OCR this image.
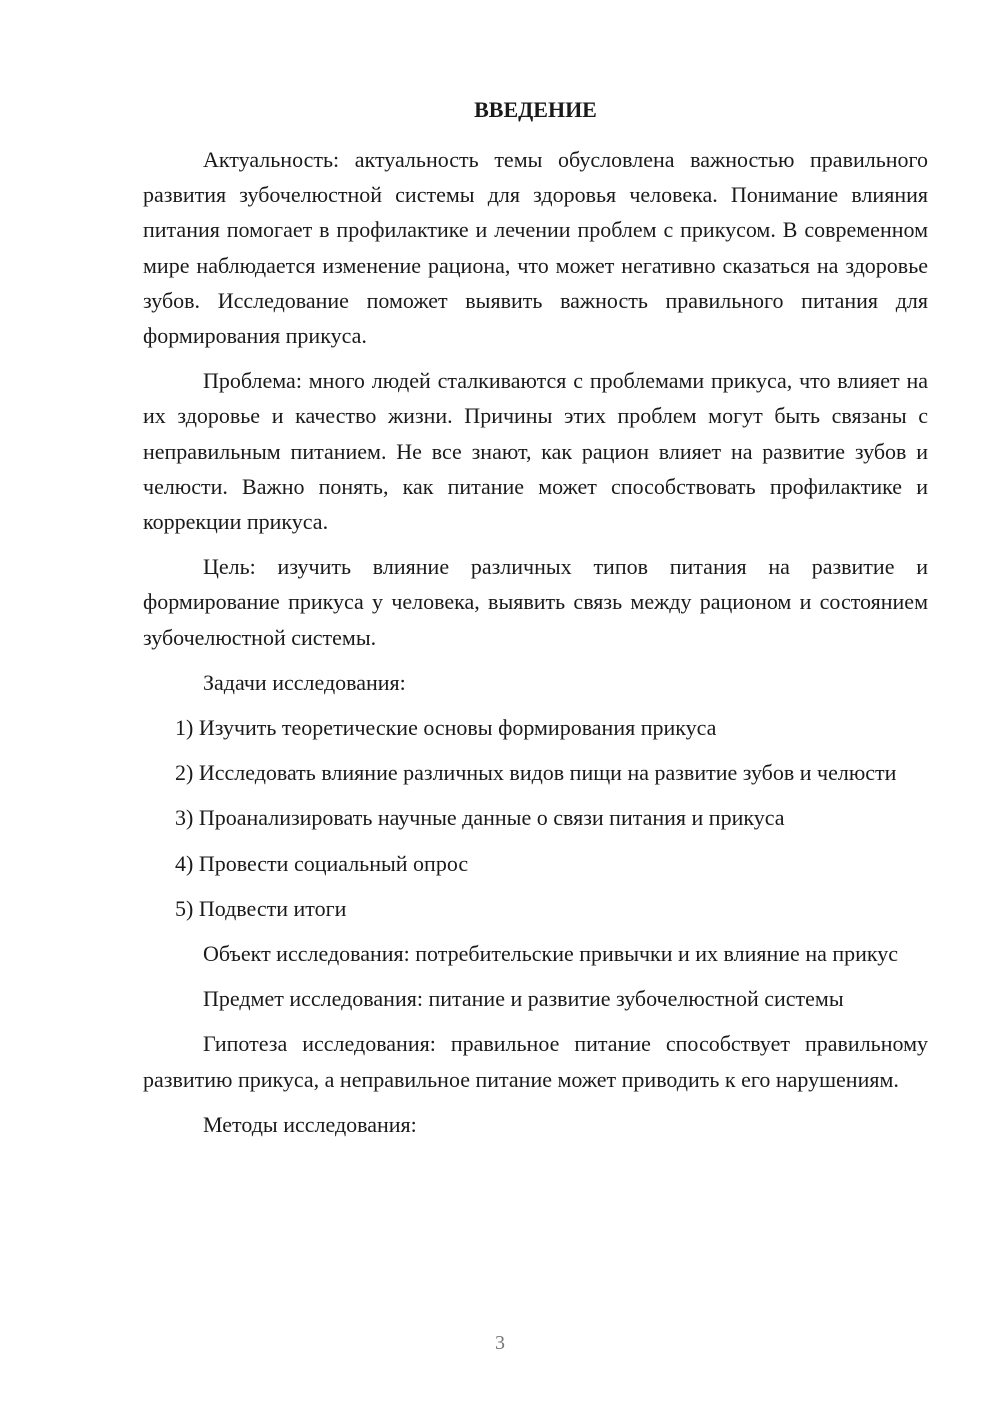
ВВЕДЕНИЕ

Актуальность: актуальность темы обусловлена важностью правильного развития зубочелюстной системы для здоровья человека. Понимание влияния питания помогает в профилактике и лечении проблем с прикусом. В современном мире наблюдается изменение рациона, что может негативно сказаться на здоровье зубов. Исследование поможет выявить важность правильного питания для формирования прикуса.

Проблема: много людей сталкиваются с проблемами прикуса, что влияет на их здоровье и качество жизни. Причины этих проблем могут быть связаны с неправильным питанием. Не все знают, как рацион влияет на развитие зубов и челюсти. Важно понять, как питание может способствовать профилактике и коррекции прикуса.

Цель: изучить влияние различных типов питания на развитие и формирование прикуса у человека, выявить связь между рационом и состоянием зубочелюстной системы.

Задачи исследования:

1) Изучить теоретические основы формирования прикуса

2) Исследовать влияние различных видов пищи на развитие зубов и челюсти

3) Проанализировать научные данные о связи питания и прикуса

4) Провести социальный опрос

5) Подвести итоги

Объект исследования: потребительские привычки и их влияние на прикус

Предмет исследования: питание и развитие зубочелюстной системы

Гипотеза исследования: правильное питание способствует правильному развитию прикуса, а неправильное питание может приводить к его нарушениям.

Методы исследования:

3
